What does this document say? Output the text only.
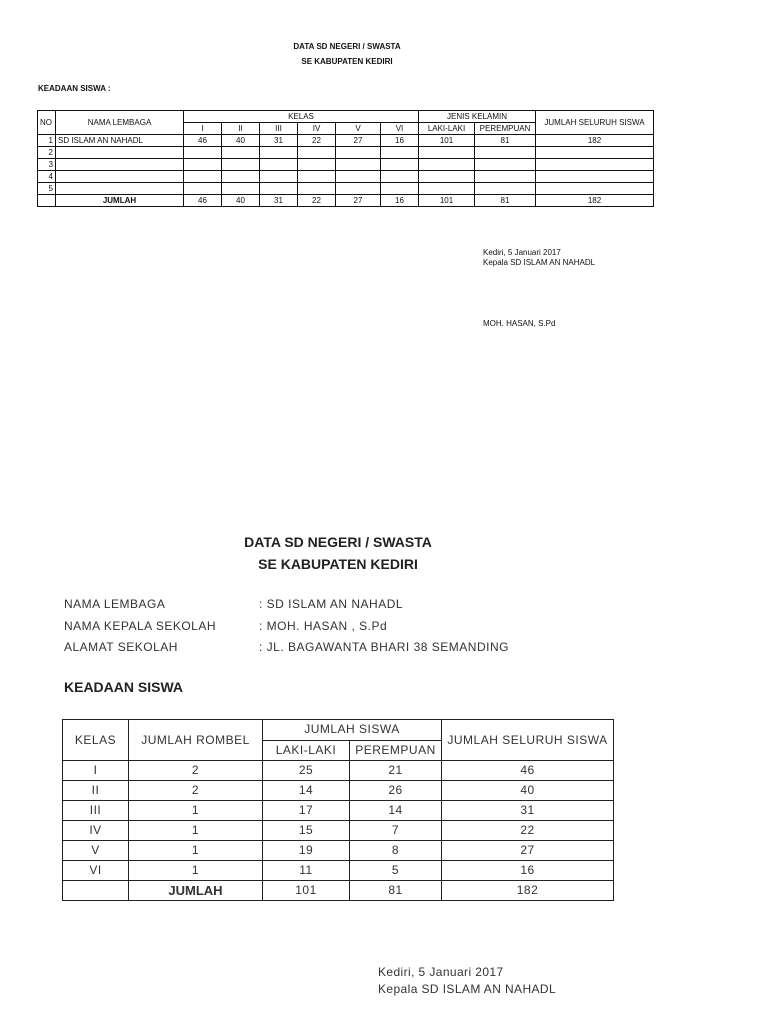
DATA SD NEGERI / SWASTA
SE KABUPATEN KEDIRI
KEADAAN SISWA :
NO	NAMA LEMBAGA	KELAS						JENIS KELAMIN		JUMLAH SELURUH SISWA
		I	II	III	IV	V	VI	LAKI-LAKI	PEREMPUAN	
1	SD ISLAM AN NAHADL	46	40	31	22	27	16	101	81	182
2										
3										
4										
5										
	JUMLAH	46	40	31	22	27	16	101	81	182
Kediri, 5 Januari 2017
Kepala SD ISLAM AN NAHADL
MOH. HASAN, S.Pd
DATA SD NEGERI / SWASTA
SE KABUPATEN KEDIRI
NAMA LEMBAGA	: SD ISLAM AN NAHADL
NAMA KEPALA SEKOLAH	: MOH. HASAN , S.Pd
ALAMAT SEKOLAH	: JL. BAGAWANTA BHARI 38 SEMANDING
KEADAAN SISWA
KELAS	JUMLAH ROMBEL	JUMLAH SISWA		JUMLAH SELURUH SISWA
		LAKI-LAKI	PEREMPUAN	
I	2	25	21	46
II	2	14	26	40
III	1	17	14	31
IV	1	15	7	22
V	1	19	8	27
VI	1	11	5	16
	JUMLAH	101	81	182
Kediri, 5 Januari 2017
Kepala SD ISLAM AN NAHADL
